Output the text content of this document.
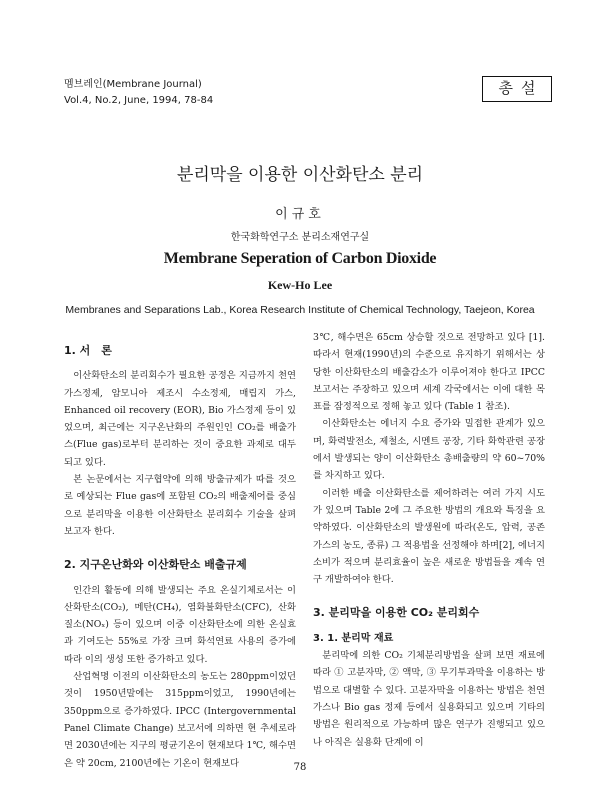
멤브레인(Membrane Journal)
Vol.4, No.2, June, 1994, 78-84
총설
분리막을 이용한 이산화탄소 분리
이규호
한국화학연구소 분리소재연구실
Membrane Seperation of Carbon Dioxide
Kew-Ho Lee
Membranes and Separations Lab., Korea Research Institute of Chemical Technology, Taejeon, Korea
1. 서　론

이산화탄소의 분리회수가 필요한 공정은 지금까지 천연가스정제, 암모니아 제조시 수소정제, 매립지 가스, Enhanced oil recovery (EOR), Bio 가스정제 등이 있었으며, 최근에는 지구온난화의 주원인인 CO₂를 배출가스(Flue gas)로부터 분리하는 것이 중요한 과제로 대두되고 있다.

본 논문에서는 지구협약에 의해 방출규제가 따를 것으로 예상되는 Flue gas에 포함된 CO₂의 배출제어를 중심으로 분리막을 이용한 이산화탄소 분리회수 기술을 살펴 보고자 한다.

2. 지구온난화와 이산화탄소 배출규제

인간의 활동에 의해 발생되는 주요 온실기체로서는 이산화탄소(CO₂), 메탄(CH₄), 염화불화탄소(CFC), 산화질소(NOₓ) 등이 있으며 이중 이산화탄소에 의한 온실효과 기여도는 55%로 가장 크며 화석연료 사용의 증가에 따라 이의 생성 또한 증가하고 있다.

산업혁명 이전의 이산화탄소의 농도는 280ppm이었던 것이 1950년말에는 315ppm이었고, 1990년에는 350ppm으로 증가하였다. IPCC (Intergovernmental Panel Climate Change) 보고서에 의하면 현 추세로라면 2030년에는 지구의 평균기온이 현재보다 1℃, 해수면은 약 20cm, 2100년에는 기온이 현재보다

3℃, 해수면은 65cm 상승할 것으로 전망하고 있다 [1]. 따라서 현재(1990년)의 수준으로 유지하기 위해서는 상당한 이산화탄소의 배출감소가 이루어져야 한다고 IPCC 보고서는 주장하고 있으며 세계 각국에서는 이에 대한 목표를 잠정적으로 정해 놓고 있다 (Table 1 참조).

이산화탄소는 에너지 수요 증가와 밀접한 관계가 있으며, 화력발전소, 제철소, 시멘트 공장, 기타 화학관련 공장에서 발생되는 양이 이산화탄소 총배출량의 약 60~70%를 차지하고 있다.

이러한 배출 이산화탄소를 제어하려는 여러 가지 시도가 있으며 Table 2에 그 주요한 방법의 개요와 특징을 요약하였다. 이산화탄소의 발생원에 따라(온도, 압력, 공존가스의 농도, 종류) 그 적용법을 선정해야 하며[2], 에너지 소비가 적으며 분리효율이 높은 새로운 방법들을 계속 연구 개발하여야 한다.

3. 분리막을 이용한 CO₂ 분리회수
3. 1. 분리막 재료

분리막에 의한 CO₂ 기체분리방법을 살펴 보면 재료에 따라 ① 고분자막, ② 액막, ③ 무기투과막을 이용하는 방법으로 대별할 수 있다. 고분자막을 이용하는 방법은 천연가스나 Bio gas 정제 등에서 실용화되고 있으며 기타의 방법은 원리적으로 가능하며 많은 연구가 진행되고 있으나 아직은 실용화 단계에 이

78
